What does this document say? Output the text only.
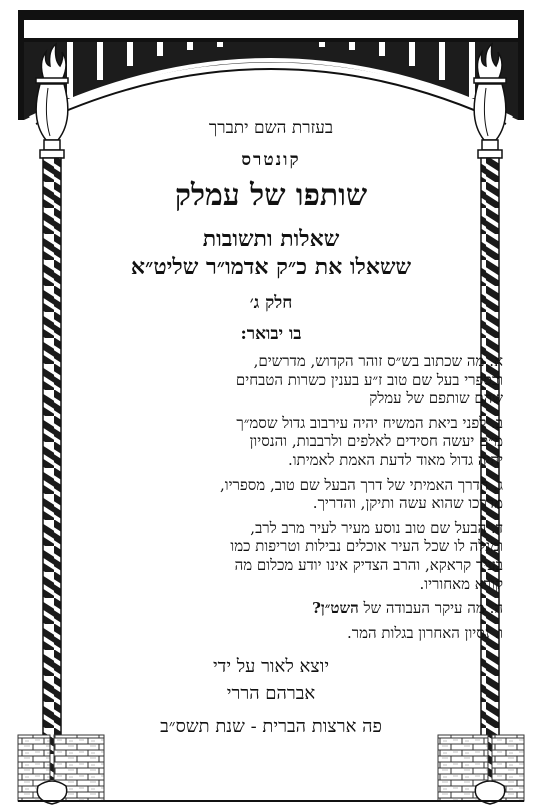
בעזרת השם יתברך
קונטרס
שותפו של עמלק
שאלות ותשובות
ששאלו את כ״ק אדמו״ר שליט״א
חלק ג׳
בו יבואר:
א. מה שכתוב בש״ס זוהר הקדוש, מדרשים,
ובספרי בעל שם טוב ז״ע בענין כשרות הטבחים
שהם שותפם של עמלק
ב. לפני ביאת המשיח יהיה עירבוב גדול שסמ״ך
מ״ם יעשה חסידים לאלפים ולרבבות, והנסיון
יהיה גדול מאוד לדעת האמת לאמיתו.
ג. הדרך האמיתי של דרך הבעל שם טוב, מספריו,
מדרכו שהוא עשה ותיקן, והדריך.
ד. הבעל שם טוב נוסע מעיר לעיר מרב לרב,
ומגלה לו שכל העיר אוכלים נבילות וטריפות כמו
בעיר קראקא, והרב הצדיק אינו יודע מכלום מה
קורא מאחוריו.
ה. מה עיקר העבודה של השט״ן?
ו. נסיון האחרון בגלות המר.
יוצא לאור על ידי
אברהם הררי
פה ארצות הברית - שנת תשס״ב
